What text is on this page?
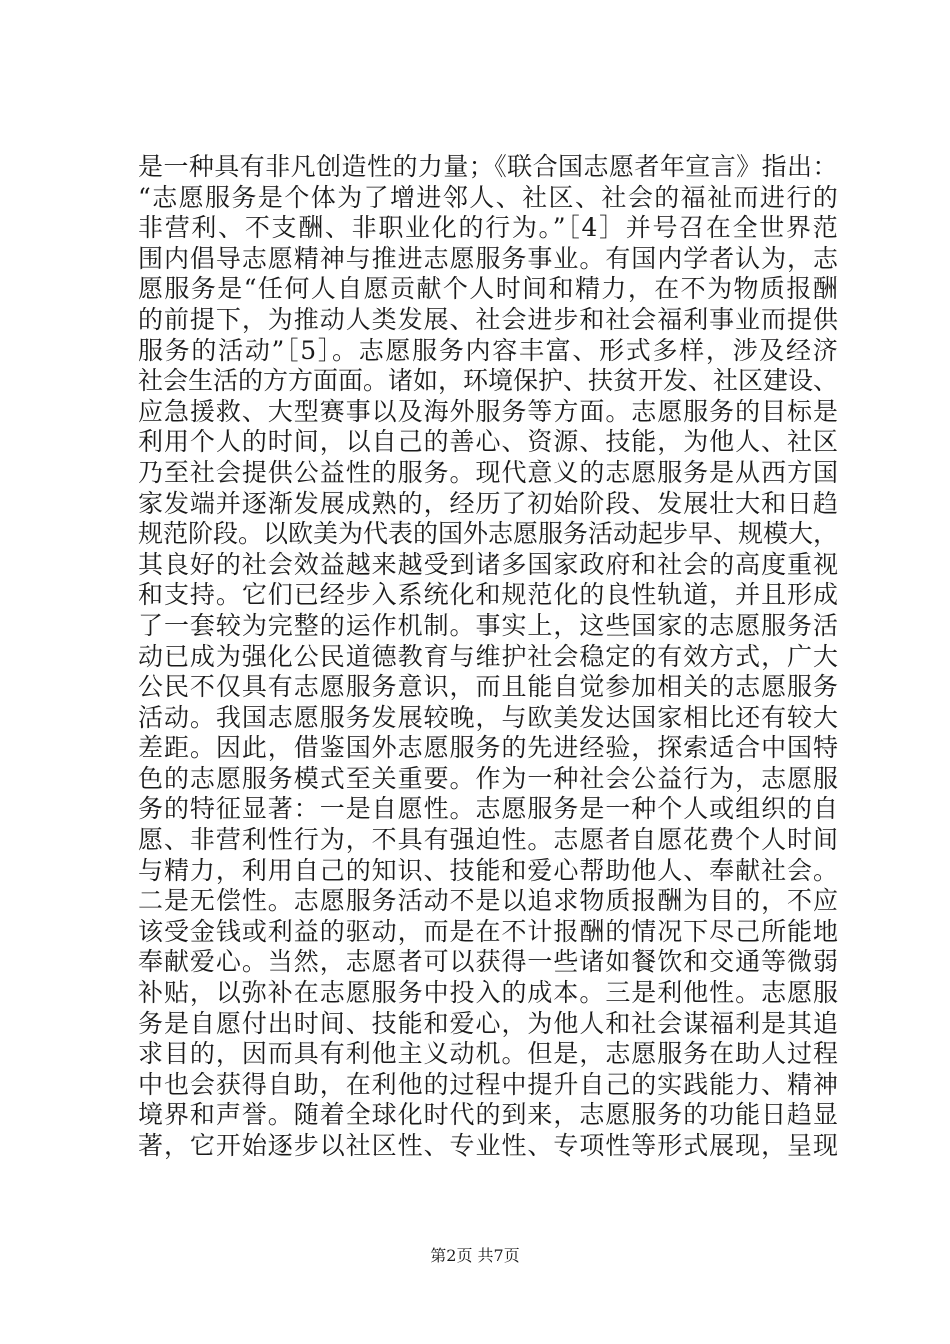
是一种具有非凡创造性的力量；《联合国志愿者年宣言》指出：
“志愿服务是个体为了增进邻人、社区、社会的福祉而进行的
非营利、不支酬、非职业化的行为。”［4］并号召在全世界范
围内倡导志愿精神与推进志愿服务事业。有国内学者认为，志
愿服务是“任何人自愿贡献个人时间和精力，在不为物质报酬
的前提下，为推动人类发展、社会进步和社会福利事业而提供
服务的活动”［5］。志愿服务内容丰富、形式多样，涉及经济
社会生活的方方面面。诸如，环境保护、扶贫开发、社区建设、
应急援救、大型赛事以及海外服务等方面。志愿服务的目标是
利用个人的时间，以自己的善心、资源、技能，为他人、社区
乃至社会提供公益性的服务。现代意义的志愿服务是从西方国
家发端并逐渐发展成熟的，经历了初始阶段、发展壮大和日趋
规范阶段。以欧美为代表的国外志愿服务活动起步早、规模大，
其良好的社会效益越来越受到诸多国家政府和社会的高度重视
和支持。它们已经步入系统化和规范化的良性轨道，并且形成
了一套较为完整的运作机制。事实上，这些国家的志愿服务活
动已成为强化公民道德教育与维护社会稳定的有效方式，广大
公民不仅具有志愿服务意识，而且能自觉参加相关的志愿服务
活动。我国志愿服务发展较晚，与欧美发达国家相比还有较大
差距。因此，借鉴国外志愿服务的先进经验，探索适合中国特
色的志愿服务模式至关重要。作为一种社会公益行为，志愿服
务的特征显著：一是自愿性。志愿服务是一种个人或组织的自
愿、非营利性行为，不具有强迫性。志愿者自愿花费个人时间
与精力，利用自己的知识、技能和爱心帮助他人、奉献社会。
二是无偿性。志愿服务活动不是以追求物质报酬为目的，不应
该受金钱或利益的驱动，而是在不计报酬的情况下尽己所能地
奉献爱心。当然，志愿者可以获得一些诸如餐饮和交通等微弱
补贴，以弥补在志愿服务中投入的成本。三是利他性。志愿服
务是自愿付出时间、技能和爱心，为他人和社会谋福利是其追
求目的，因而具有利他主义动机。但是，志愿服务在助人过程
中也会获得自助，在利他的过程中提升自己的实践能力、精神
境界和声誉。随着全球化时代的到来，志愿服务的功能日趋显
著，它开始逐步以社区性、专业性、专项性等形式展现，呈现
第2页 共7页
